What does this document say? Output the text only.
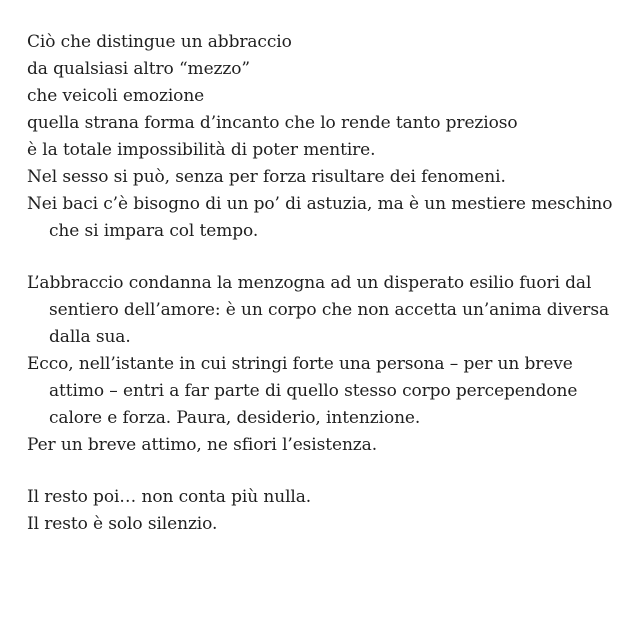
Ciò che distingue un abbraccio
da qualsiasi altro “mezzo”
che veicoli emozione
quella strana forma d’incanto che lo rende tanto prezioso
è la totale impossibilità di poter mentire.
Nel sesso si può, senza per forza risultare dei fenomeni.
Nei baci c’è bisogno di un po’ di astuzia, ma è un mestiere meschino che si impara col tempo.
L’abbraccio condanna la menzogna ad un disperato esilio fuori dal sentiero dell’amore: è un corpo che non accetta un’anima diversa dalla sua.
Ecco, nell’istante in cui stringi forte una persona – per un breve attimo – entri a far parte di quello stesso corpo percependone calore e forza. Paura, desiderio, intenzione.
Per un breve attimo, ne sfiori l’esistenza.
Il resto poi… non conta più nulla.
Il resto è solo silenzio.
